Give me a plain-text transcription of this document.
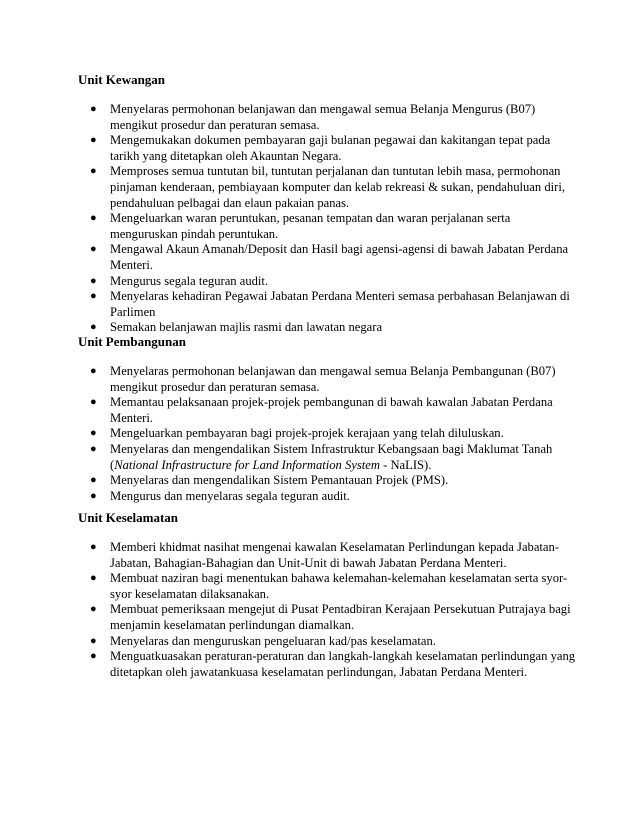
Unit Kewangan

● Menyelaras permohonan belanjawan dan mengawal semua Belanja Mengurus (B07) mengikut prosedur dan peraturan semasa.
● Mengemukakan dokumen pembayaran gaji bulanan pegawai dan kakitangan tepat pada tarikh yang ditetapkan oleh Akauntan Negara.
● Memproses semua tuntutan bil, tuntutan perjalanan dan tuntutan lebih masa, permohonan pinjaman kenderaan, pembiayaan komputer dan kelab rekreasi & sukan, pendahuluan diri, pendahuluan pelbagai dan elaun pakaian panas.
● Mengeluarkan waran peruntukan, pesanan tempatan dan waran perjalanan serta menguruskan pindah peruntukan.
● Mengawal Akaun Amanah/Deposit dan Hasil bagi agensi-agensi di bawah Jabatan Perdana Menteri.
● Mengurus segala teguran audit.
● Menyelaras kehadiran Pegawai Jabatan Perdana Menteri semasa perbahasan Belanjawan di Parlimen
● Semakan belanjawan majlis rasmi dan lawatan negara

Unit Pembangunan

● Menyelaras permohonan belanjawan dan mengawal semua Belanja Pembangunan (B07) mengikut prosedur dan peraturan semasa.
● Memantau pelaksanaan projek-projek pembangunan di bawah kawalan Jabatan Perdana Menteri.
● Mengeluarkan pembayaran bagi projek-projek kerajaan yang telah diluluskan.
● Menyelaras dan mengendalikan Sistem Infrastruktur Kebangsaan bagi Maklumat Tanah (National Infrastructure for Land Information System - NaLIS).
● Menyelaras dan mengendalikan Sistem Pemantauan Projek (PMS).
● Mengurus dan menyelaras segala teguran audit.

Unit Keselamatan

● Memberi khidmat nasihat mengenai kawalan Keselamatan Perlindungan kepada Jabatan-Jabatan, Bahagian-Bahagian dan Unit-Unit di bawah Jabatan Perdana Menteri.
● Membuat naziran bagi menentukan bahawa kelemahan-kelemahan keselamatan serta syor-syor keselamatan dilaksanakan.
● Membuat pemeriksaan mengejut di Pusat Pentadbiran Kerajaan Persekutuan Putrajaya bagi menjamin keselamatan perlindungan diamalkan.
● Menyelaras dan menguruskan pengeluaran kad/pas keselamatan.
● Menguatkuasakan peraturan-peraturan dan langkah-langkah keselamatan perlindungan yang ditetapkan oleh jawatankuasa keselamatan perlindungan, Jabatan Perdana Menteri.
